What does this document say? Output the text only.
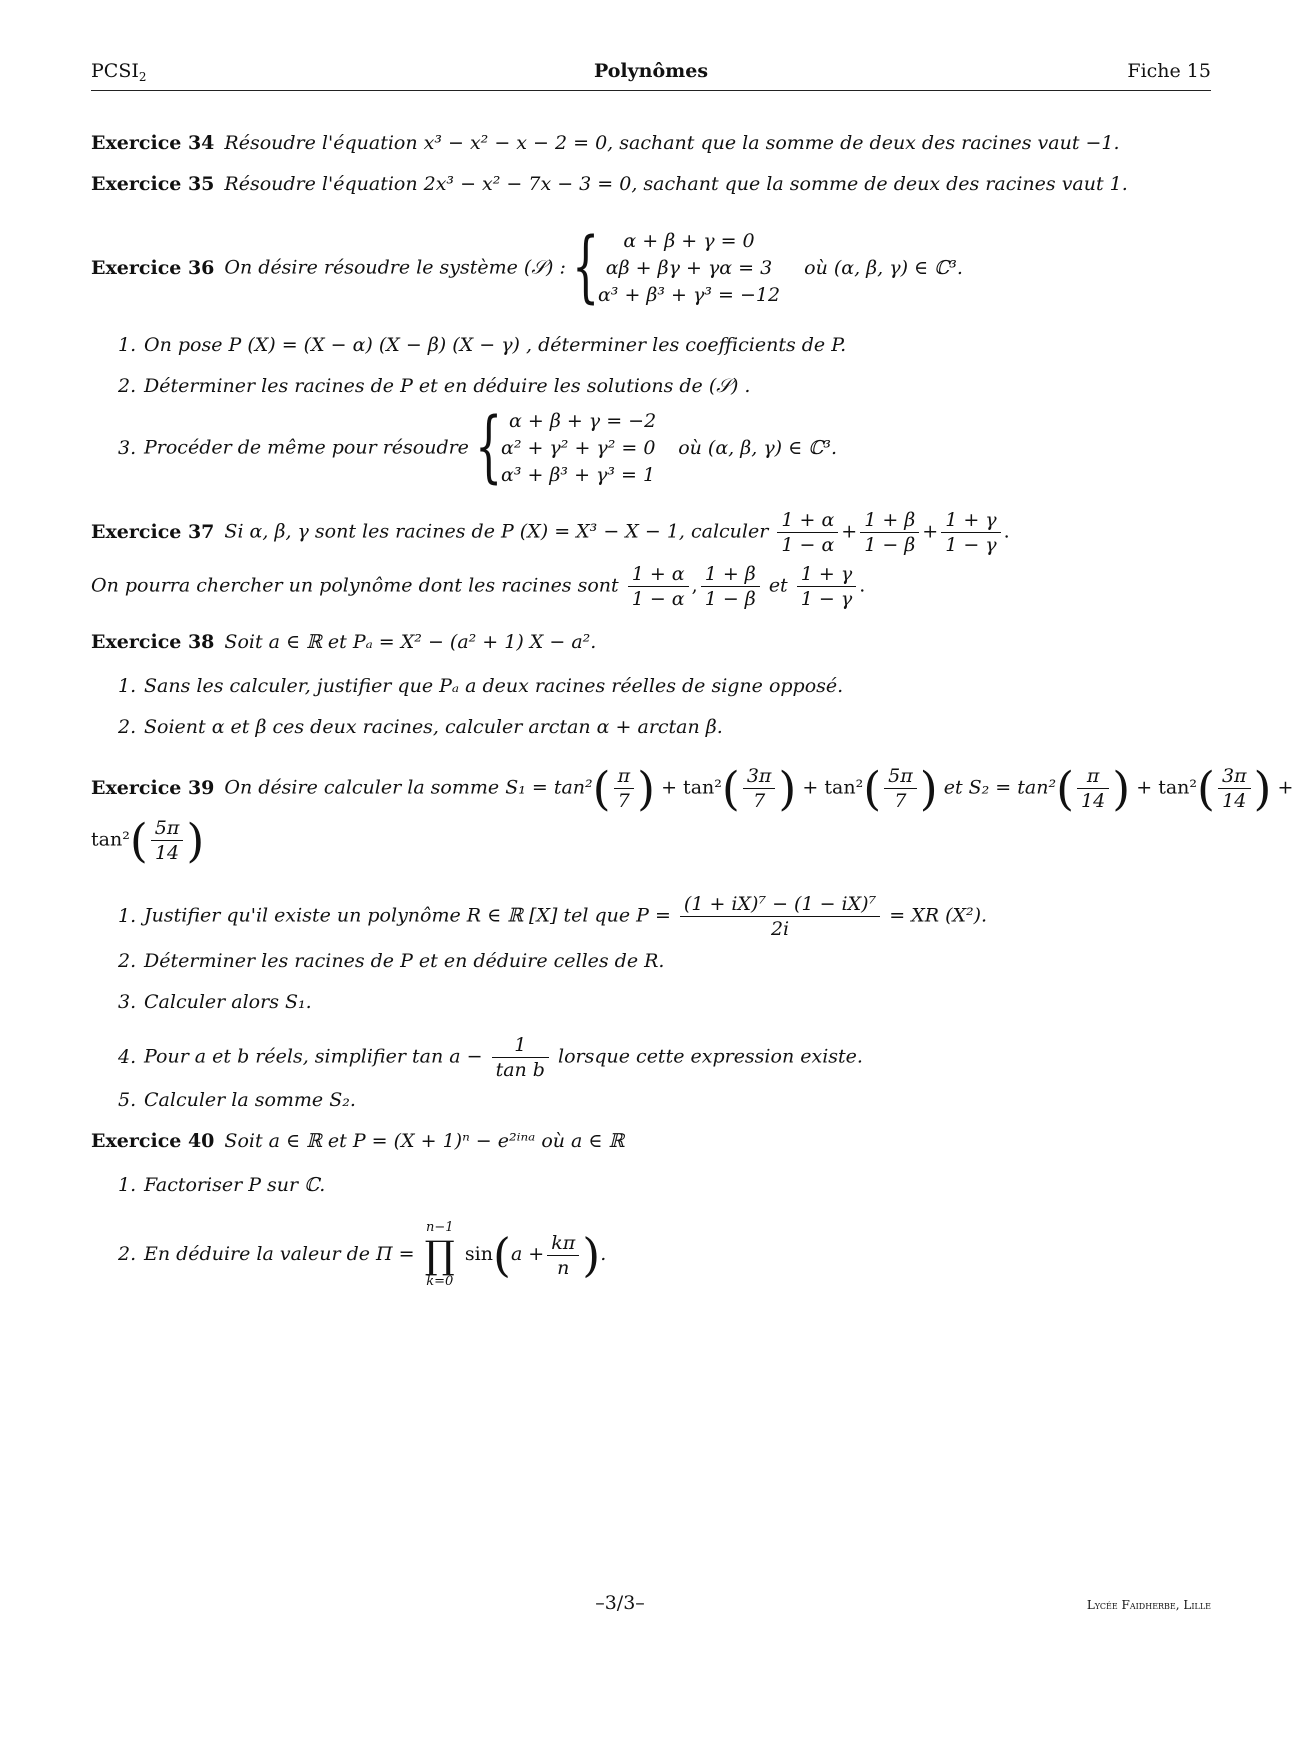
$PCSI_2$	Polynômes	Fiche 15
Exercice 34 Résoudre l'équation x³ − x² − x − 2 = 0, sachant que la somme de deux des racines vaut −1.
Exercice 35 Résoudre l'équation 2x³ − x² − 7x − 3 = 0, sachant que la somme de deux des racines vaut 1.
Exercice 36 On désire résoudre le système (𝒮) : {	α + β + γ = 0
αβ + βγ + γα = 3
α³ + β³ + γ³ = −12
où (α, β, γ) ∈ ℂ³.
1. On pose P (X) = (X − α) (X − β) (X − γ) , déterminer les coefficients de P.
2. Déterminer les racines de P et en déduire les solutions de (𝒮) .
3. Procéder de même pour résoudre { α + β + γ = −2
α² + γ² + γ² = 0
α³ + β³ + γ³ = 1
où (α, β, γ) ∈ ℂ³.
Exercice 37 Si α, β, γ sont les racines de P (X) = X³ − X − 1, calculer $\frac{1 + \alpha}{1 - \alpha} + \frac{1 + \beta}{1 - \beta} + \frac{1 + \gamma}{1 - \gamma}$ .
On pourra chercher un polynôme dont les racines sont $\frac{1 + \alpha}{1 - \alpha}$ , $\frac{1 + \beta}{1 - \beta}$ et $\frac{1 + \gamma}{1 - \gamma}$ .
Exercice 38 Soit a ∈ ℝ et Pₐ = X² − (a² + 1) X − a².
1. Sans les calculer, justifier que Pₐ a deux racines réelles de signe opposé.
2. Soient α et β ces deux racines, calculer arctan α + arctan β.
Exercice 39 On désire calculer la somme $S_1 = \tan^2( \frac{\pi}{7}$ ) + $\tan^2( \frac{3\pi}{7}$ ) + $\tan^2( \frac{5\pi}{7}$ ) et $S_2 = \tan^2( \frac{\pi}{14}$ ) + $\tan^2( \frac{3\pi}{14}$ ) +
$\tan^2( \frac{5\pi}{14}$ )
1. Justifier qu'il existe un polynôme R ∈ ℝ [X] tel que $P = \frac{\text{(1 + iX)⁷ − (1 − iX)⁷}}{2i}$ = XR (X²).
2. Déterminer les racines de P et en déduire celles de R.
3. Calculer alors S₁.
4. Pour a et b réels, simplifier $\tan a - \frac{1}{\text{tan b}}$ lorsque cette expression existe.
5. Calculer la somme S₂.
Exercice 40 Soit a ∈ ℝ et P = (X + 1)ⁿ − e²ⁱⁿᵃ où a ∈ ℝ
1. Factoriser P sur ℂ.
2. En déduire la valeur de Π =
n−1
∏
k=0
$\sin(a + \frac{k\pi}{n}$ ).
–3/3–	Lycée Faidherbe, Lille
